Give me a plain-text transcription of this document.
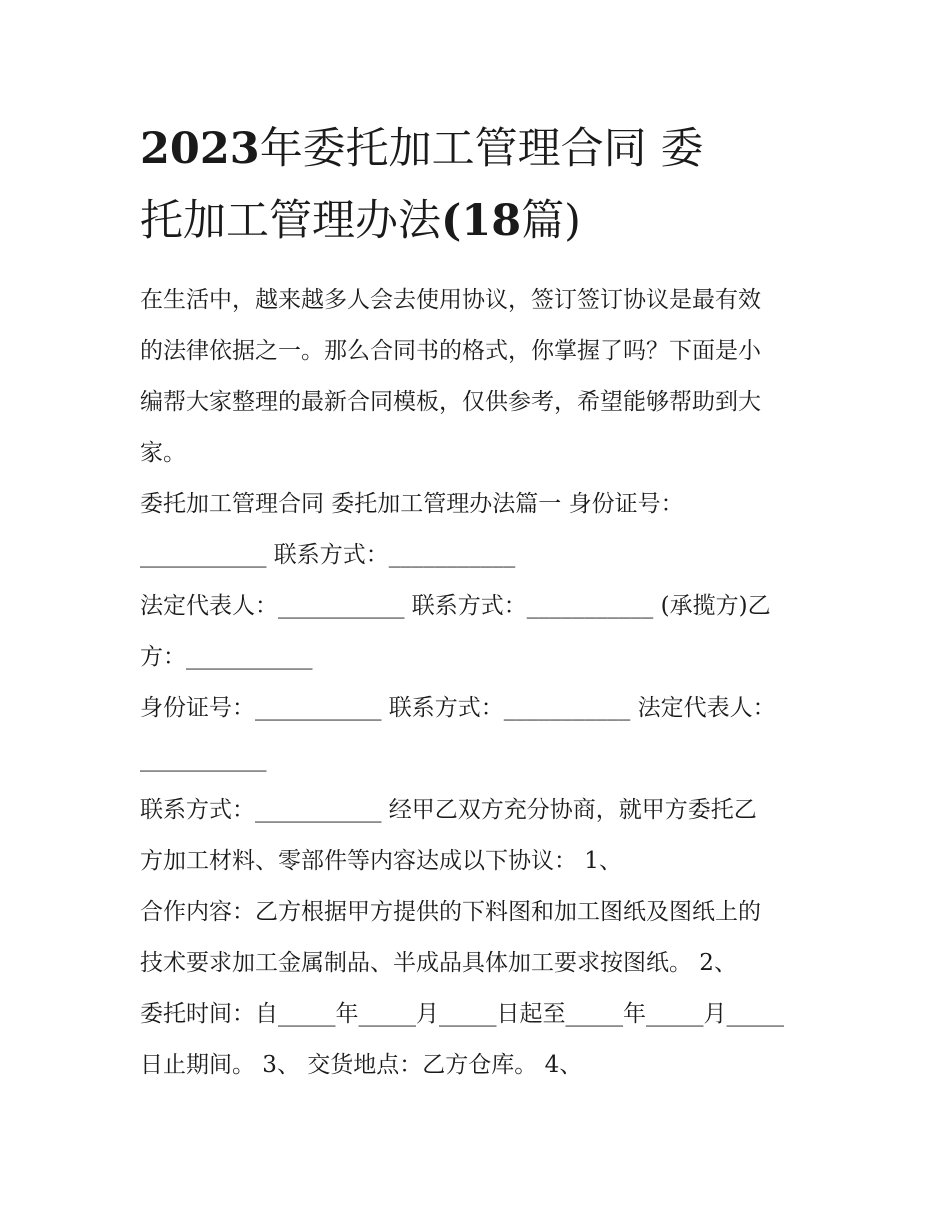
2023年委托加工管理合同 委
托加工管理办法(18篇)
在生活中，越来越多人会去使用协议，签订签订协议是最有效
的法律依据之一。那么合同书的格式，你掌握了吗？下面是小
编帮大家整理的最新合同模板，仅供参考，希望能够帮助到大
家。
委托加工管理合同 委托加工管理办法篇一 身份证号：
___________ 联系方式：___________
法定代表人：___________ 联系方式：___________ (承揽方)乙
方：___________
身份证号：___________ 联系方式：___________ 法定代表人：
___________
联系方式：___________ 经甲乙双方充分协商，就甲方委托乙
方加工材料、零部件等内容达成以下协议： 1、
合作内容：乙方根据甲方提供的下料图和加工图纸及图纸上的
技术要求加工金属制品、半成品具体加工要求按图纸。 2、
委托时间：自_____年_____月_____日起至_____年_____月_____
日止期间。 3、 交货地点：乙方仓库。 4、
